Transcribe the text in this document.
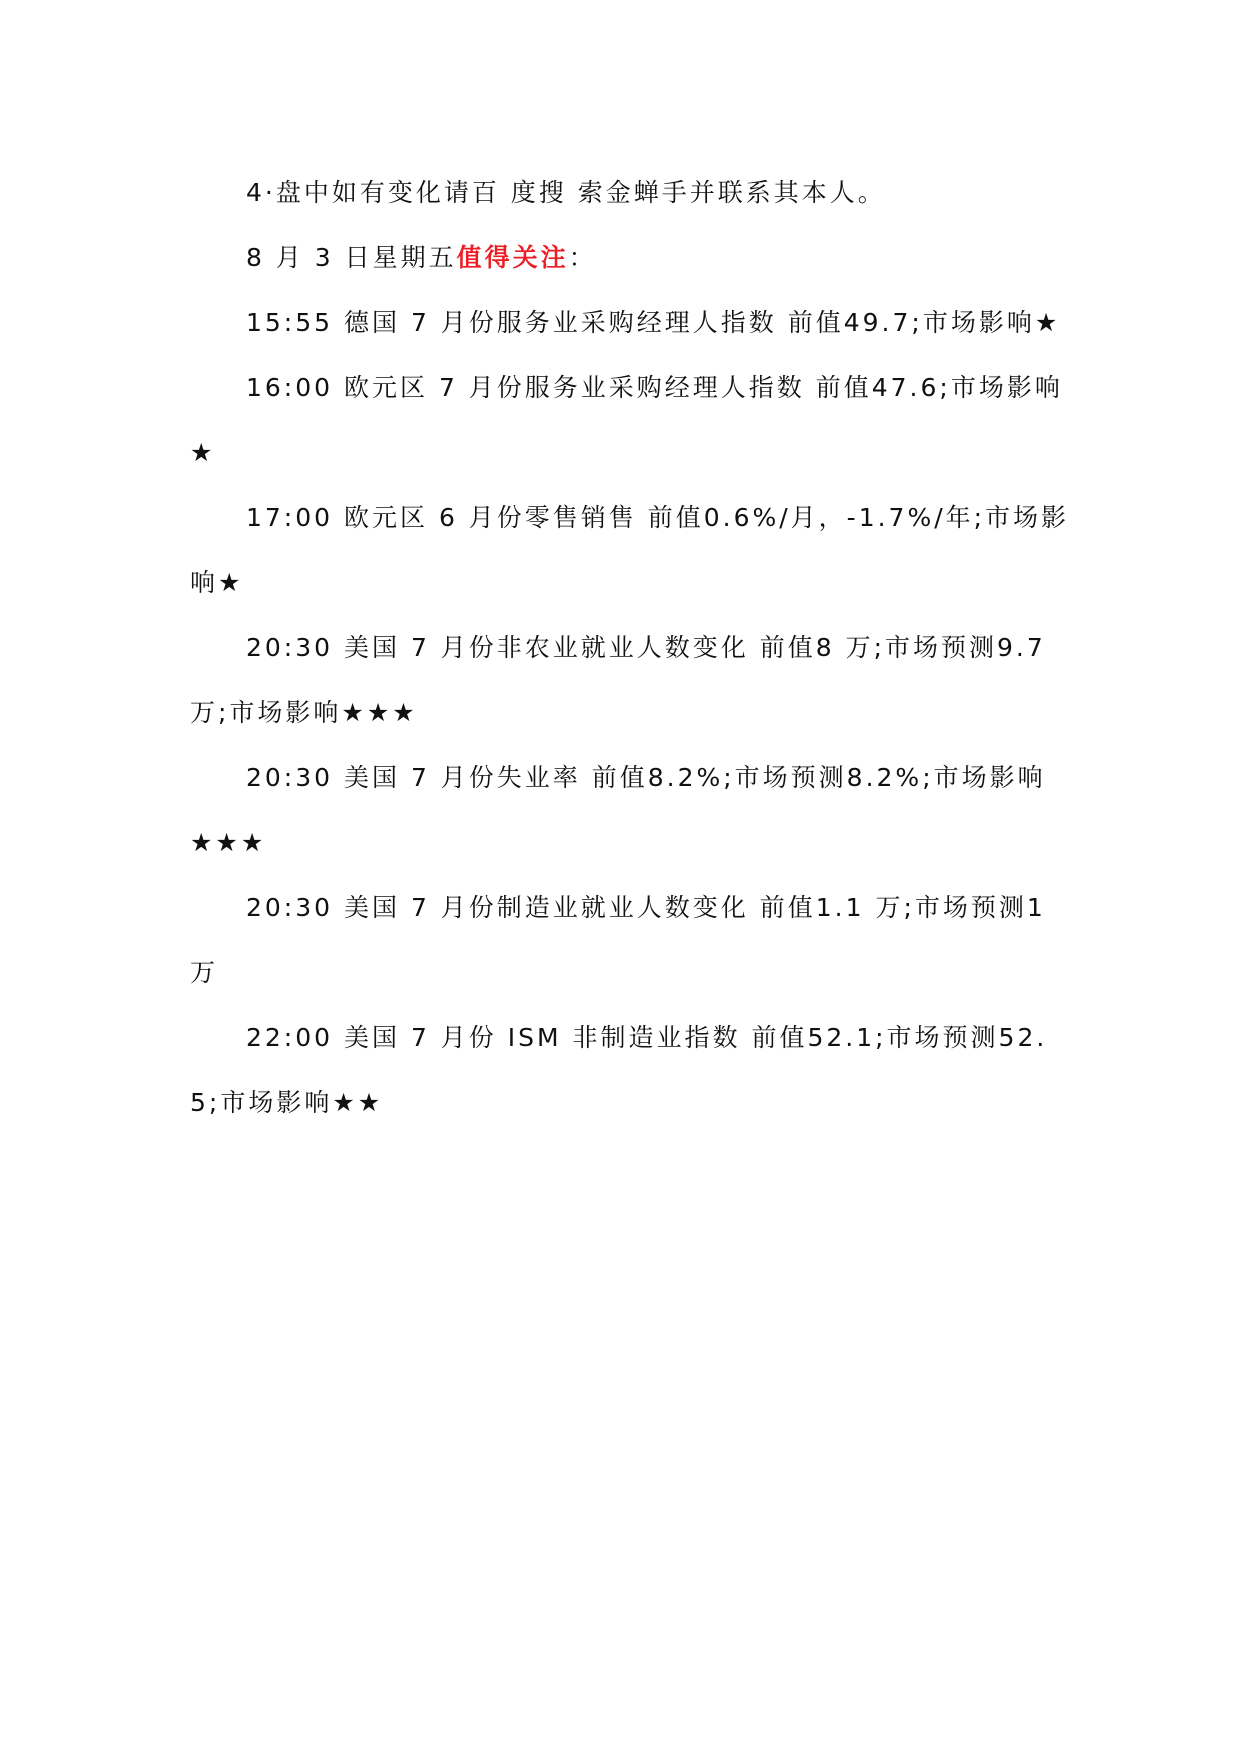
4·盘中如有变化请百 度搜 索金蝉手并联系其本人。

8 月 3 日星期五值得关注：

15:55 德国 7 月份服务业采购经理人指数 前值49.7;市场影响★

16:00 欧元区 7 月份服务业采购经理人指数 前值47.6;市场影响★

17:00 欧元区 6 月份零售销售 前值0.6%/月，-1.7%/年;市场影响★

20:30 美国 7 月份非农业就业人数变化 前值8 万;市场预测9.7 万;市场影响★★★

20:30 美国 7 月份失业率 前值8.2%;市场预测8.2%;市场影响★★★

20:30 美国 7 月份制造业就业人数变化 前值1.1 万;市场预测1 万

22:00 美国 7 月份 ISM 非制造业指数 前值52.1;市场预测52.5;市场影响★★
